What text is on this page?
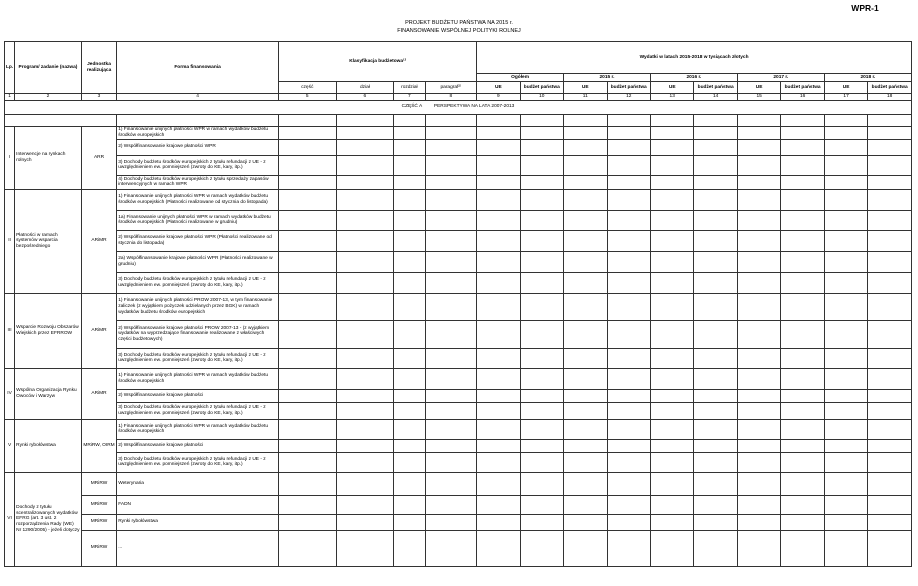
WPR-1
PROJEKT BUDŻETU PAŃSTWA NA 2015 r.
FINANSOWANIE WSPÓLNEJ POLITYKI ROLNEJ
Lp.	Program/ zadanie (nazwa)	Jednostka realizująca	Forma finansowania	Klasyfikacja budżetowa¹⁾				Wydatki w latach 2015-2018 w tysiącach złotych									
								Ogółem		2015 r.		2016 r.		2017 r.		2018 r.	
				część	dział	rozdział	paragraf²⁾	UE	budżet państwa	UE	budżet państwa	UE	budżet państwa	UE	budżet państwa	UE	budżet państwa

1	2	3	4	5	6	7	8	9	10	11	12	13	14	15	16	17	18
CZĘŚĆ A PERSPEKTYWA NA LATA 2007-2013																	

I	Interwencje na rynkach rolnych	ARR	1) Finansowanie unijnych płatności WPR w ramach wydatków budżetu środków europejskich														
			2) Współfinansowanie krajowe płatności WPR														
			3) Dochody budżetu środków europejskich z tytułu refundacji z UE - z uwzględnieniem ew. pomniejszeń (zwroty do KE, kary, itp.)														
			4) Dochody budżetu środków europejskich z tytułu sprzedaży zapasów interwencyjnych w ramach WPR														
II	Płatności w ramach systemów wsparcia bezpośredniego	ARiMR	1) Finansowanie unijnych płatności WPR w ramach wydatków budżetu środków europejskich (Płatności realizowane od stycznia do listopada)														
			1a) Finansowanie unijnych płatności WPR w ramach wydatków budżetu środków europejskich (Płatności realizowane w grudniu)														
			2) Współfinansowanie krajowe płatności WPR (Płatności realizowane od stycznia do listopada)														
			2a) Współfinansowanie krajowe płatności WPR (Płatności realizowane w grudniu)														
			3) Dochody budżetu środków europejskich z tytułu refundacji z UE - z uwzględnieniem ew. pomniejszeń (zwroty do KE, kary, itp.)														
III	Wsparcie Rozwoju Obszarów Wiejskich przez EFRROW	ARiMR	1) Finansowanie unijnych płatności PROW 2007-13, w tym finansowanie zaliczek (z wyjątkiem pożyczek udzielanych przez BGK) w ramach wydatków budżetu środków europejskich														
			2) Współfinansowanie krajowe płatności PROW 2007-13 - (z wyjątkiem wydatków na wyprzedzające finansowanie realizowane z właściwych części budżetowych)														
			3) Dochody budżetu środków europejskich z tytułu refundacji z UE - z uwzględnieniem ew. pomniejszeń (zwroty do KE, kary, itp.)														
IV	Wspólna Organizacja Rynku Owoców i Warzyw	ARiMR	1) Finansowanie unijnych płatności WPR w ramach wydatków budżetu środków europejskich														
			2) Współfinansowanie krajowe płatności														
			3) Dochody budżetu środków europejskich z tytułu refundacji z UE - z uwzględnieniem ew. pomniejszeń (zwroty do KE, kary, itp.)														
V	Rynki rybołówstwa	MRiRW, OIRM	1) Finansowanie unijnych płatności WPR w ramach wydatków budżetu środków europejskich														
			2) Współfinansowanie krajowe płatności														
			3) Dochody budżetu środków europejskich z tytułu refundacji z UE - z uwzględnieniem ew. pomniejszeń (zwroty do KE, kary, itp.)														
VI	Dochody z tytułu scentralizowanych wydatków EFRG (art. 3 ust. 2 rozporządzenia Rady (WE) Nr 1290/2005) - jeżeli dotyczy	MRiRW	Weterynaria														
		MRiRW	FADN														
		MRiRW	Rynki rybołówstwa														
		MRiRW	...														
